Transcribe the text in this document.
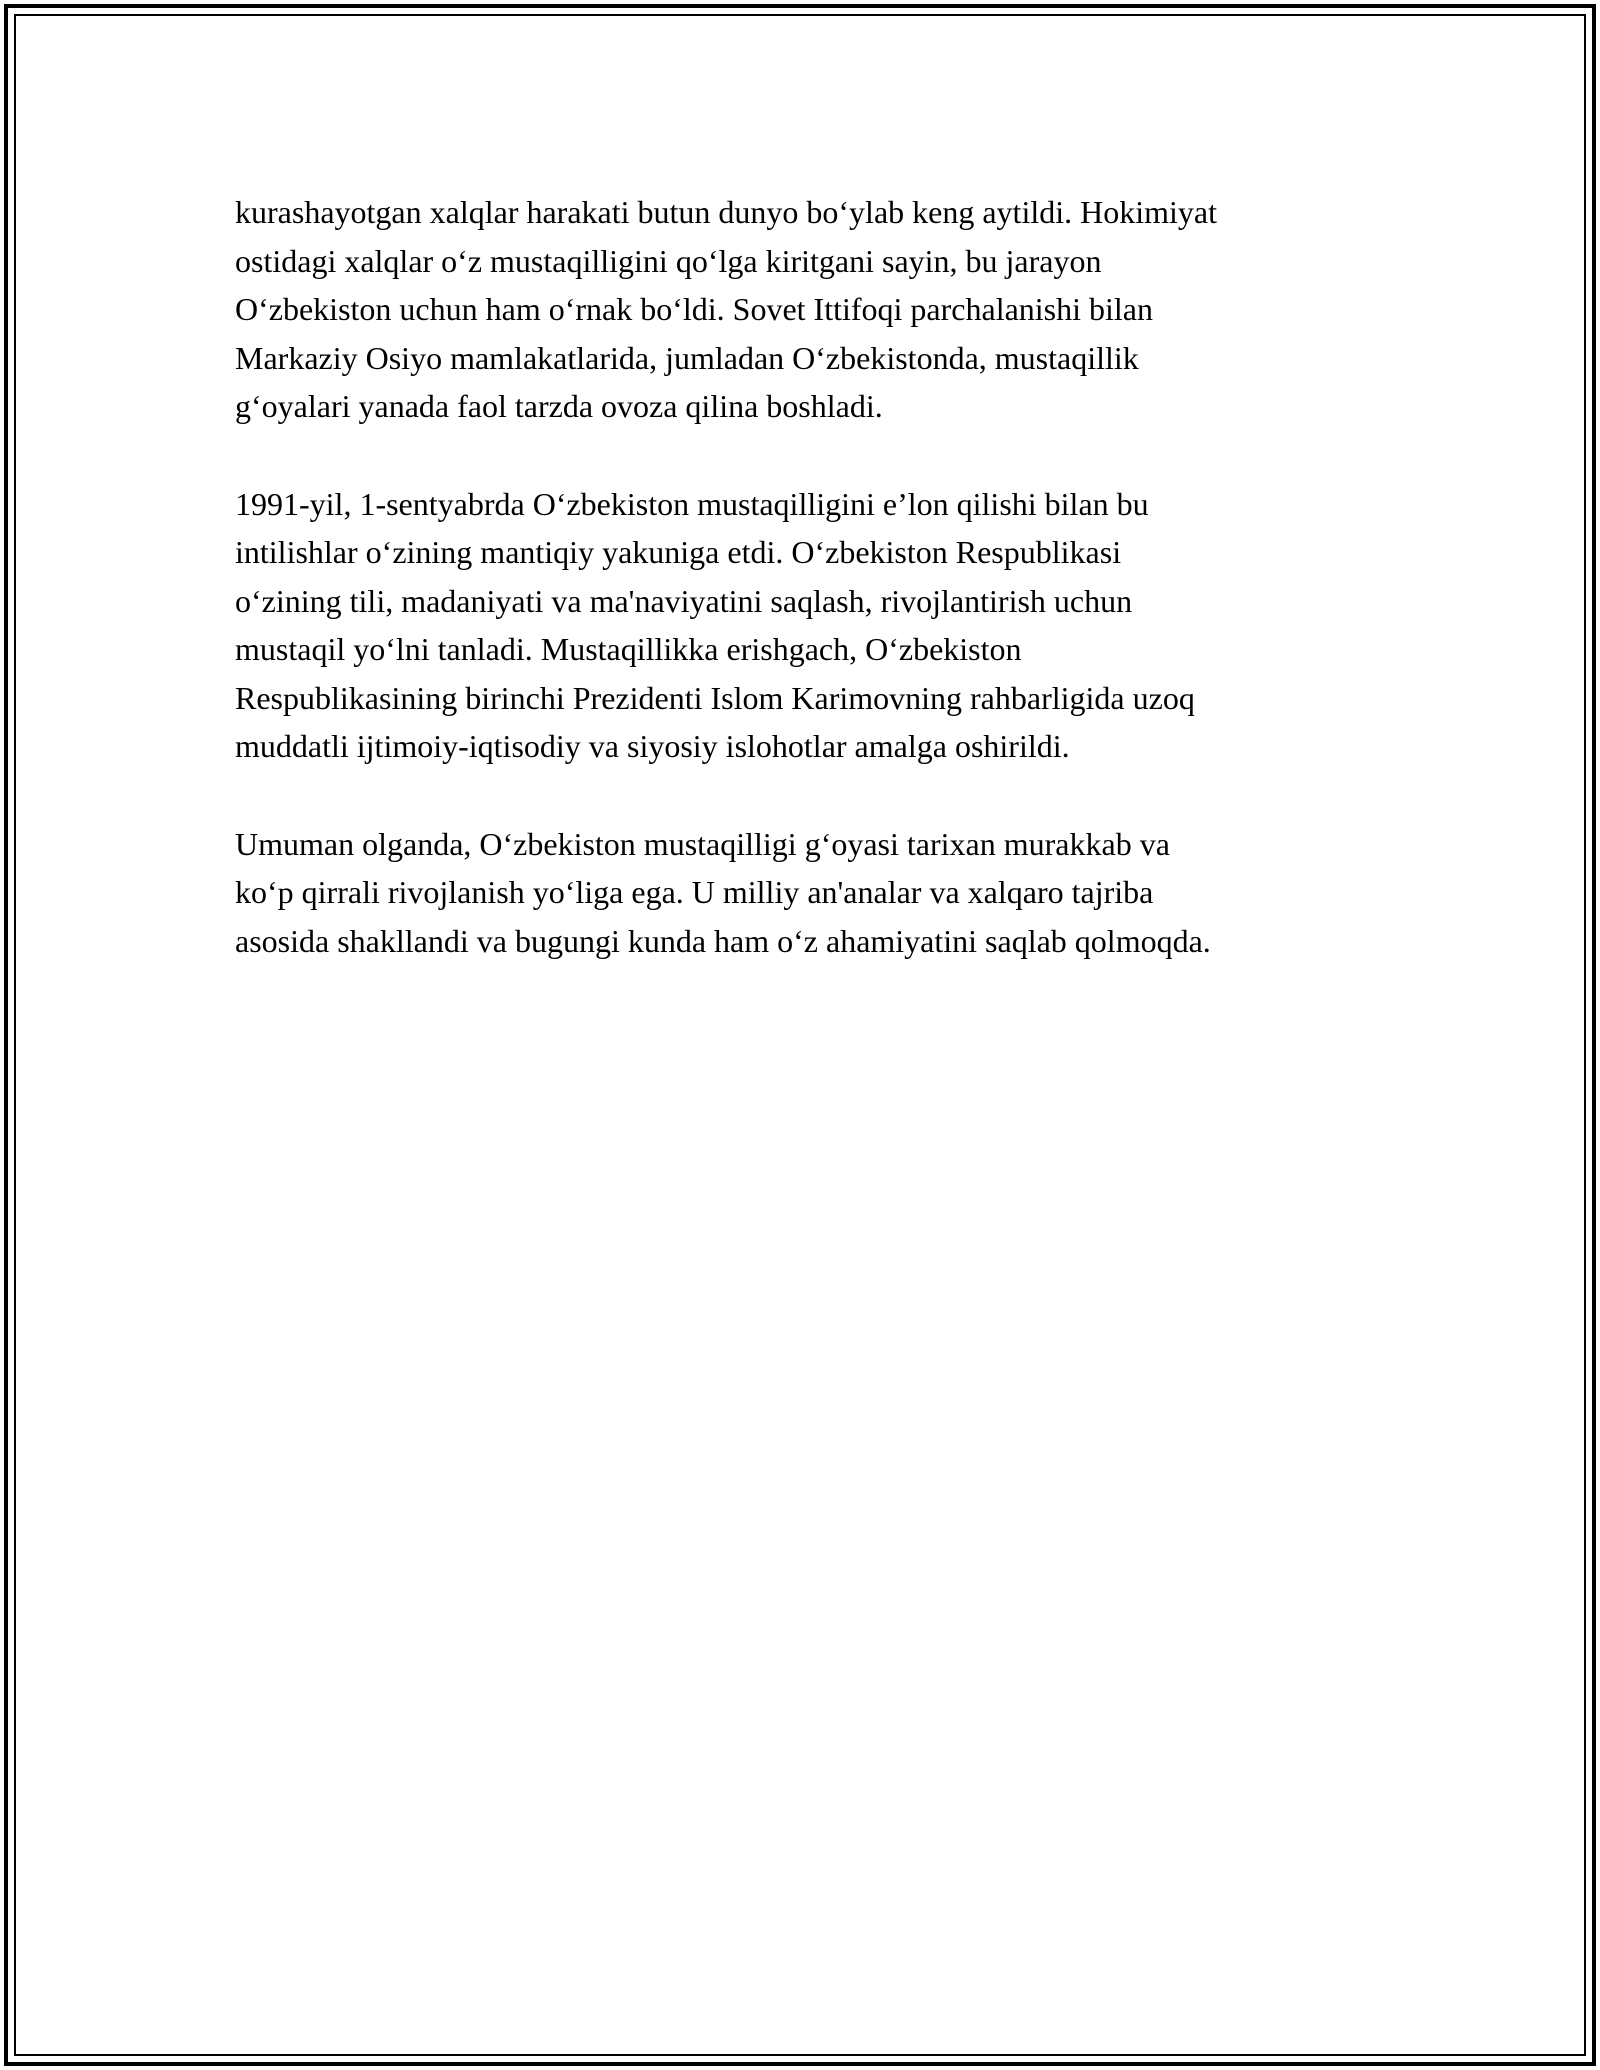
kurashayotgan xalqlar harakati butun dunyo bo‘ylab keng aytildi. Hokimiyat
ostidagi xalqlar o‘z mustaqilligini qo‘lga kiritgani sayin, bu jarayon
O‘zbekiston uchun ham o‘rnak bo‘ldi. Sovet Ittifoqi parchalanishi bilan
Markaziy Osiyo mamlakatlarida, jumladan O‘zbekistonda, mustaqillik
g‘oyalari yanada faol tarzda ovoza qilina boshladi.

1991-yil, 1-sentyabrda O‘zbekiston mustaqilligini e’lon qilishi bilan bu
intilishlar o‘zining mantiqiy yakuniga etdi. O‘zbekiston Respublikasi
o‘zining tili, madaniyati va ma'naviyatini saqlash, rivojlantirish uchun
mustaqil yo‘lni tanladi. Mustaqillikka erishgach, O‘zbekiston
Respublikasining birinchi Prezidenti Islom Karimovning rahbarligida uzoq
muddatli ijtimoiy-iqtisodiy va siyosiy islohotlar amalga oshirildi.

Umuman olganda, O‘zbekiston mustaqilligi g‘oyasi tarixan murakkab va
ko‘p qirrali rivojlanish yo‘liga ega. U milliy an'analar va xalqaro tajriba
asosida shakllandi va bugungi kunda ham o‘z ahamiyatini saqlab qolmoqda.
